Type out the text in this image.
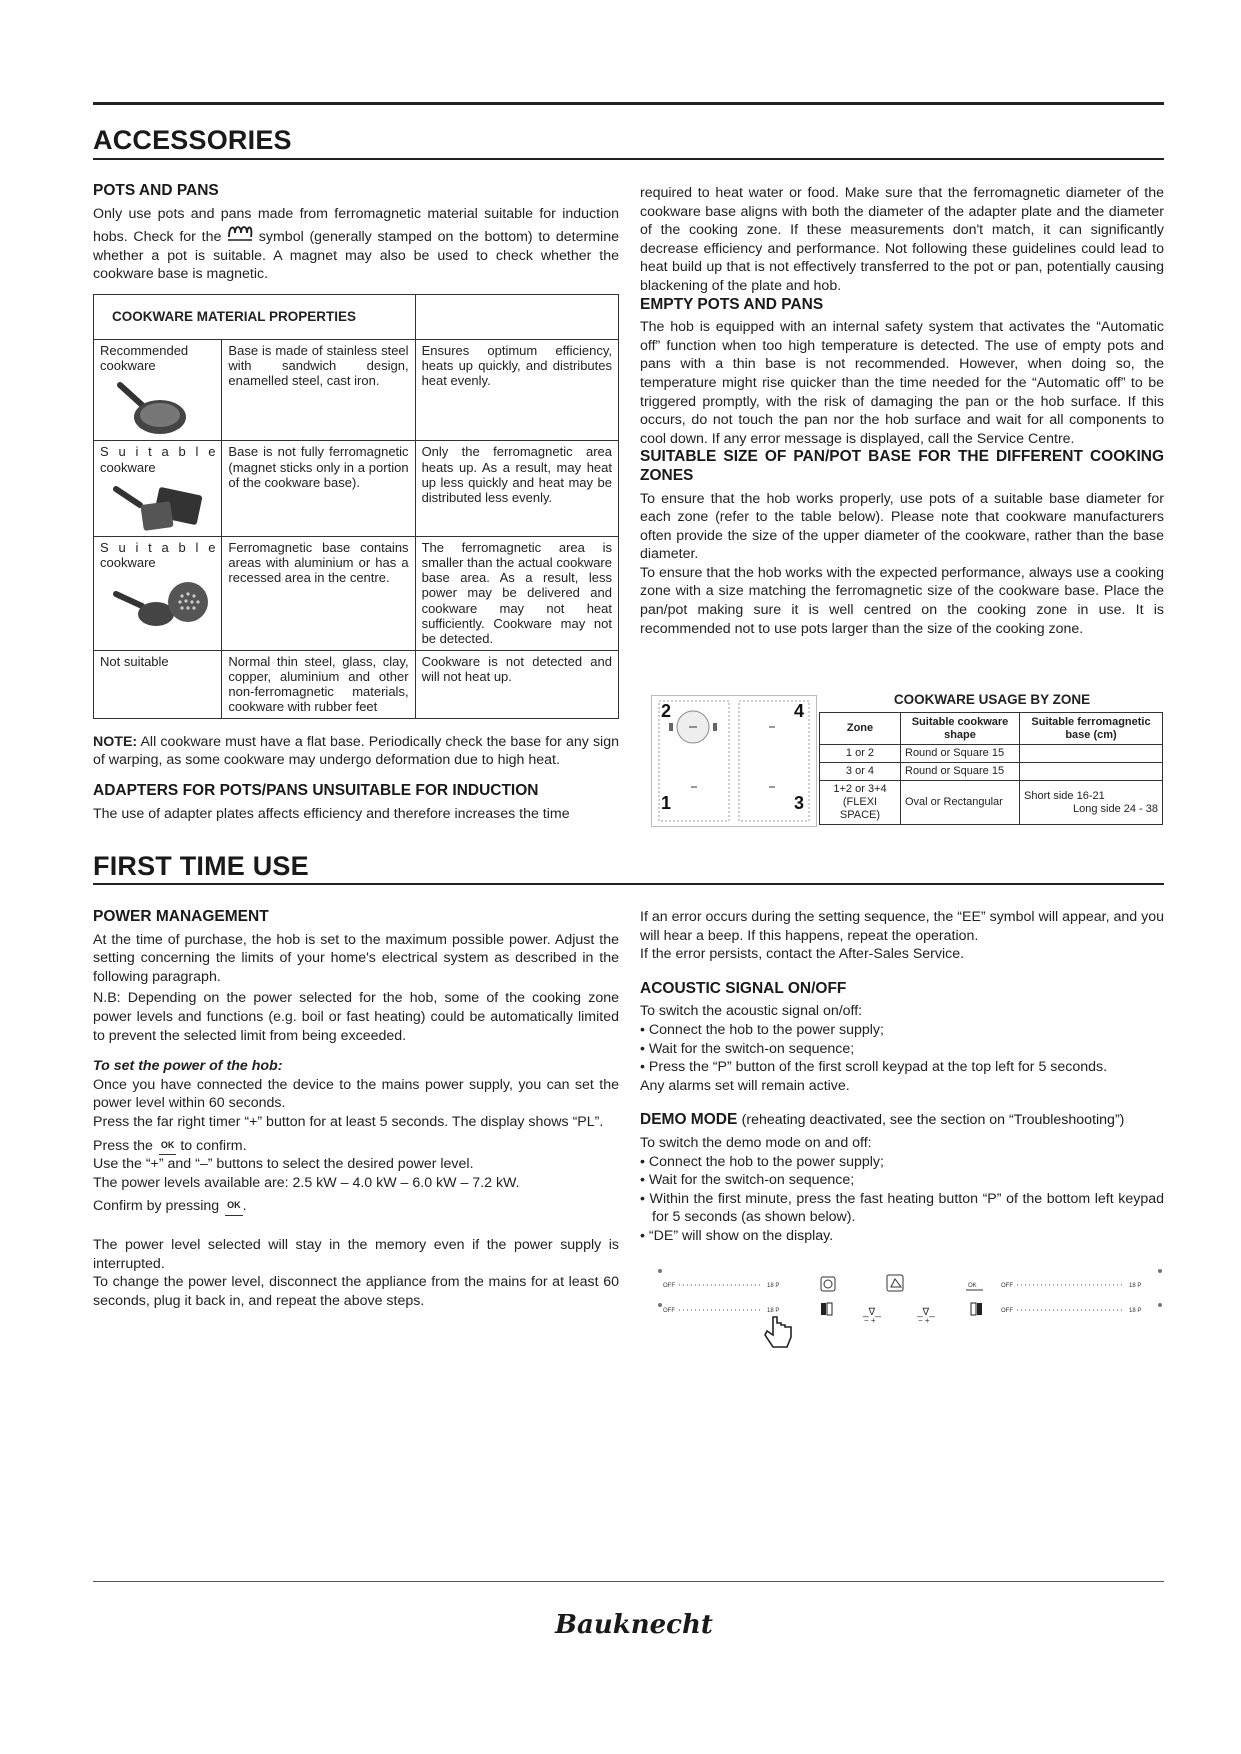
ACCESSORIES
POTS AND PANS

Only use pots and pans made from ferromagnetic material suitable for induction hobs. Check for the	symbol (generally stamped on the bottom) to determine whether a pot is suitable. A magnet may also be used to check whether the cookware base is magnetic.

COOKWARE MATERIAL PROPERTIES		
Recommended cookware	Base is made of stainless steel with sandwich design, enamelled steel, cast iron.	Ensures optimum efficiency, heats up quickly, and distributes heat evenly.
S u i t a b l e cookware	Base is not fully ferromagnetic (magnet sticks only in a portion of the cookware base).	Only the ferromagnetic area heats up. As a result, may heat up less quickly and heat may be distributed less evenly.
S u i t a b l e cookware	Ferromagnetic base contains areas with aluminium or has a recessed area in the centre.	The ferromagnetic area is smaller than the actual cookware base area. As a result, less power may be delivered and cookware may not heat sufficiently. Cookware may not be detected.
Not suitable	Normal thin steel, glass, clay, copper, aluminium and other non-ferromagnetic materials, cookware with rubber feet	Cookware is not detected and will not heat up.

NOTE: All cookware must have a flat base. Periodically check the base for any sign of warping, as some cookware may undergo deformation due to high heat.

ADAPTERS FOR POTS/PANS UNSUITABLE FOR INDUCTION

The use of adapter plates affects efficiency and therefore increases the time

required to heat water or food. Make sure that the ferromagnetic diameter of the cookware base aligns with both the diameter of the adapter plate and the diameter of the cooking zone. If these measurements don't match, it can significantly decrease efficiency and performance. Not following these guidelines could lead to heat build up that is not effectively transferred to the pot or pan, potentially causing blackening of the plate and hob.

EMPTY POTS AND PANS

The hob is equipped with an internal safety system that activates the “Automatic off” function when too high temperature is detected. The use of empty pots and pans with a thin base is not recommended. However, when doing so, the temperature might rise quicker than the time needed for the “Automatic off” to be triggered promptly, with the risk of damaging the pan or the hob surface. If this occurs, do not touch the pan nor the hob surface and wait for all components to cool down. If any error message is displayed, call the Service Centre.

SUITABLE SIZE OF PAN/POT BASE FOR THE DIFFERENT COOKING ZONES

To ensure that the hob works properly, use pots of a suitable base diameter for each zone (refer to the table below). Please note that cookware manufacturers often provide the size of the upper diameter of the cookware, rather than the base diameter.

To ensure that the hob works with the expected performance, always use a cooking zone with a size matching the ferromagnetic size of the cookware base. Place the pan/pot making sure it is well centred on the cooking zone in use. It is recommended not to use pots larger than the size of the cooking zone.

2	4
1	3
COOKWARE USAGE BY ZONE
Zone	Suitable cookware shape	Suitable ferromagnetic base (cm)
1 or 2	Round or Square 15	
3 or 4	Round or Square 15	
1+2 or 3+4 (FLEXI SPACE)	Oval or Rectangular	Short side 16-21
Long side 24 - 38
FIRST TIME USE
POWER MANAGEMENT

At the time of purchase, the hob is set to the maximum possible power. Adjust the setting concerning the limits of your home's electrical system as described in the following paragraph.

N.B: Depending on the power selected for the hob, some of the cooking zone power levels and functions (e.g. boil or fast heating) could be automatically limited to prevent the selected limit from being exceeded.

To set the power of the hob:

Once you have connected the device to the mains power supply, you can set the power level within 60 seconds.

Press the far right timer “+” button for at least 5 seconds. The display shows “PL”.

Press the OK to confirm.

Use the “+” and “–” buttons to select the desired power level.

The power levels available are: 2.5 kW – 4.0 kW – 6.0 kW – 7.2 kW.

Confirm by pressing OK .

The power level selected will stay in the memory even if the power supply is interrupted.

To change the power level, disconnect the appliance from the mains for at least 60 seconds, plug it back in, and repeat the above steps.

If an error occurs during the setting sequence, the “EE” symbol will appear, and you will hear a beep. If this happens, repeat the operation.

If the error persists, contact the After-Sales Service.

ACOUSTIC SIGNAL ON/OFF

To switch the acoustic signal on/off:

• Connect the hob to the power supply;

• Wait for the switch-on sequence;

• Press the “P” button of the first scroll keypad at the top left for 5 seconds.

Any alarms set will remain active.

DEMO MODE (reheating deactivated, see the section on “Troubleshooting”)

To switch the demo mode on and off:

• Connect the hob to the power supply;

• Wait for the switch-on sequence;

• Within the first minute, press the fast heating button “P” of the bottom left keypad for 5 seconds (as shown below).

• “DE” will show on the display.

OFF	18 P
OFF	18 P
OFF	18 P
OFF	18 P
_∇_
− +
_∇_
− +
OK
Bauknecht
